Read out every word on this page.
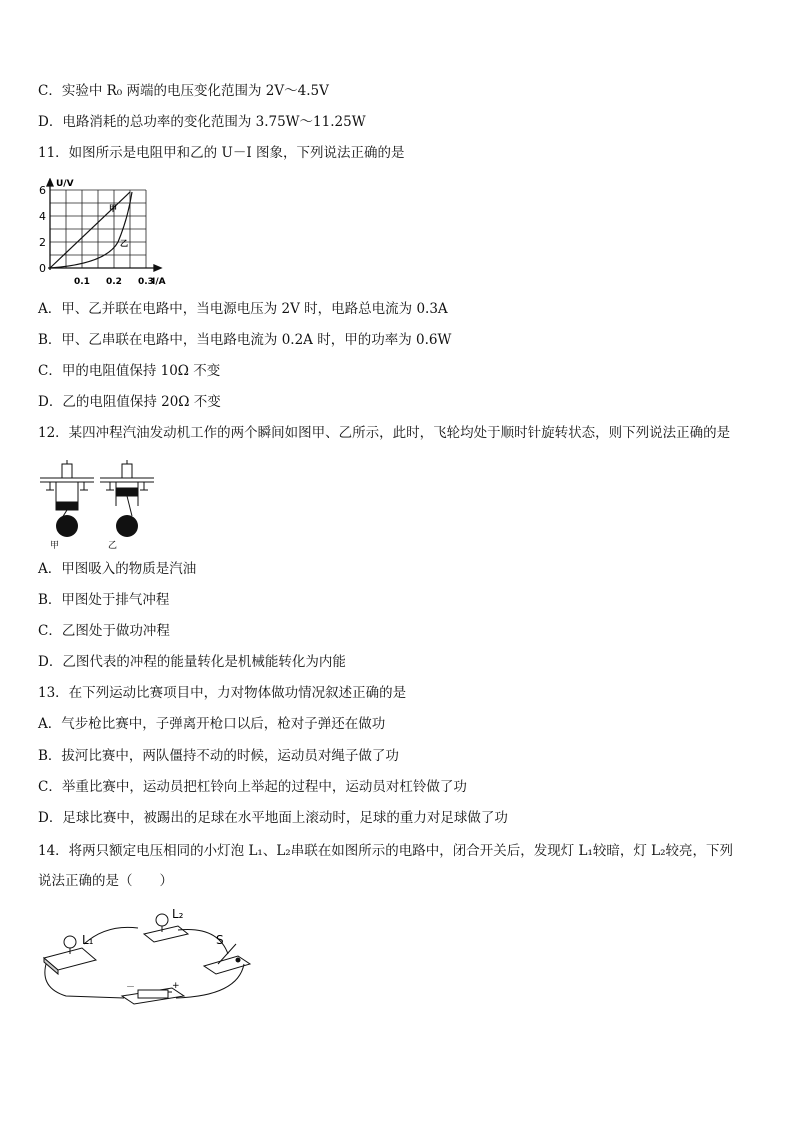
C．实验中 R₀ 两端的电压变化范围为 2V～4.5V
D．电路消耗的总功率的变化范围为 3.75W～11.25W
11．如图所示是电阻甲和乙的 U－I 图象，下列说法正确的是
A．甲、乙并联在电路中，当电源电压为 2V 时，电路总电流为 0.3A
B．甲、乙串联在电路中，当电路电流为 0.2A 时，甲的功率为 0.6W
C．甲的电阻值保持 10Ω 不变
D．乙的电阻值保持 20Ω 不变
12．某四冲程汽油发动机工作的两个瞬间如图甲、乙所示，此时，飞轮均处于顺时针旋转状态，则下列说法正确的是
A．甲图吸入的物质是汽油
B．甲图处于排气冲程
C．乙图处于做功冲程
D．乙图代表的冲程的能量转化是机械能转化为内能
13．在下列运动比赛项目中，力对物体做功情况叙述正确的是
A．气步枪比赛中，子弹离开枪口以后，枪对子弹还在做功
B．拔河比赛中，两队僵持不动的时候，运动员对绳子做了功
C．举重比赛中，运动员把杠铃向上举起的过程中，运动员对杠铃做了功
D．足球比赛中，被踢出的足球在水平地面上滚动时，足球的重力对足球做了功
14．将两只额定电压相同的小灯泡 L₁、L₂串联在如图所示的电路中，闭合开关后，发现灯 L₁较暗，灯 L₂较亮，下列
说法正确的是（　　）
U/V
I/A
6
4
2
0
0.1 0.2 0.3
甲
乙
甲	乙
L₁
L₂
S
－	+
